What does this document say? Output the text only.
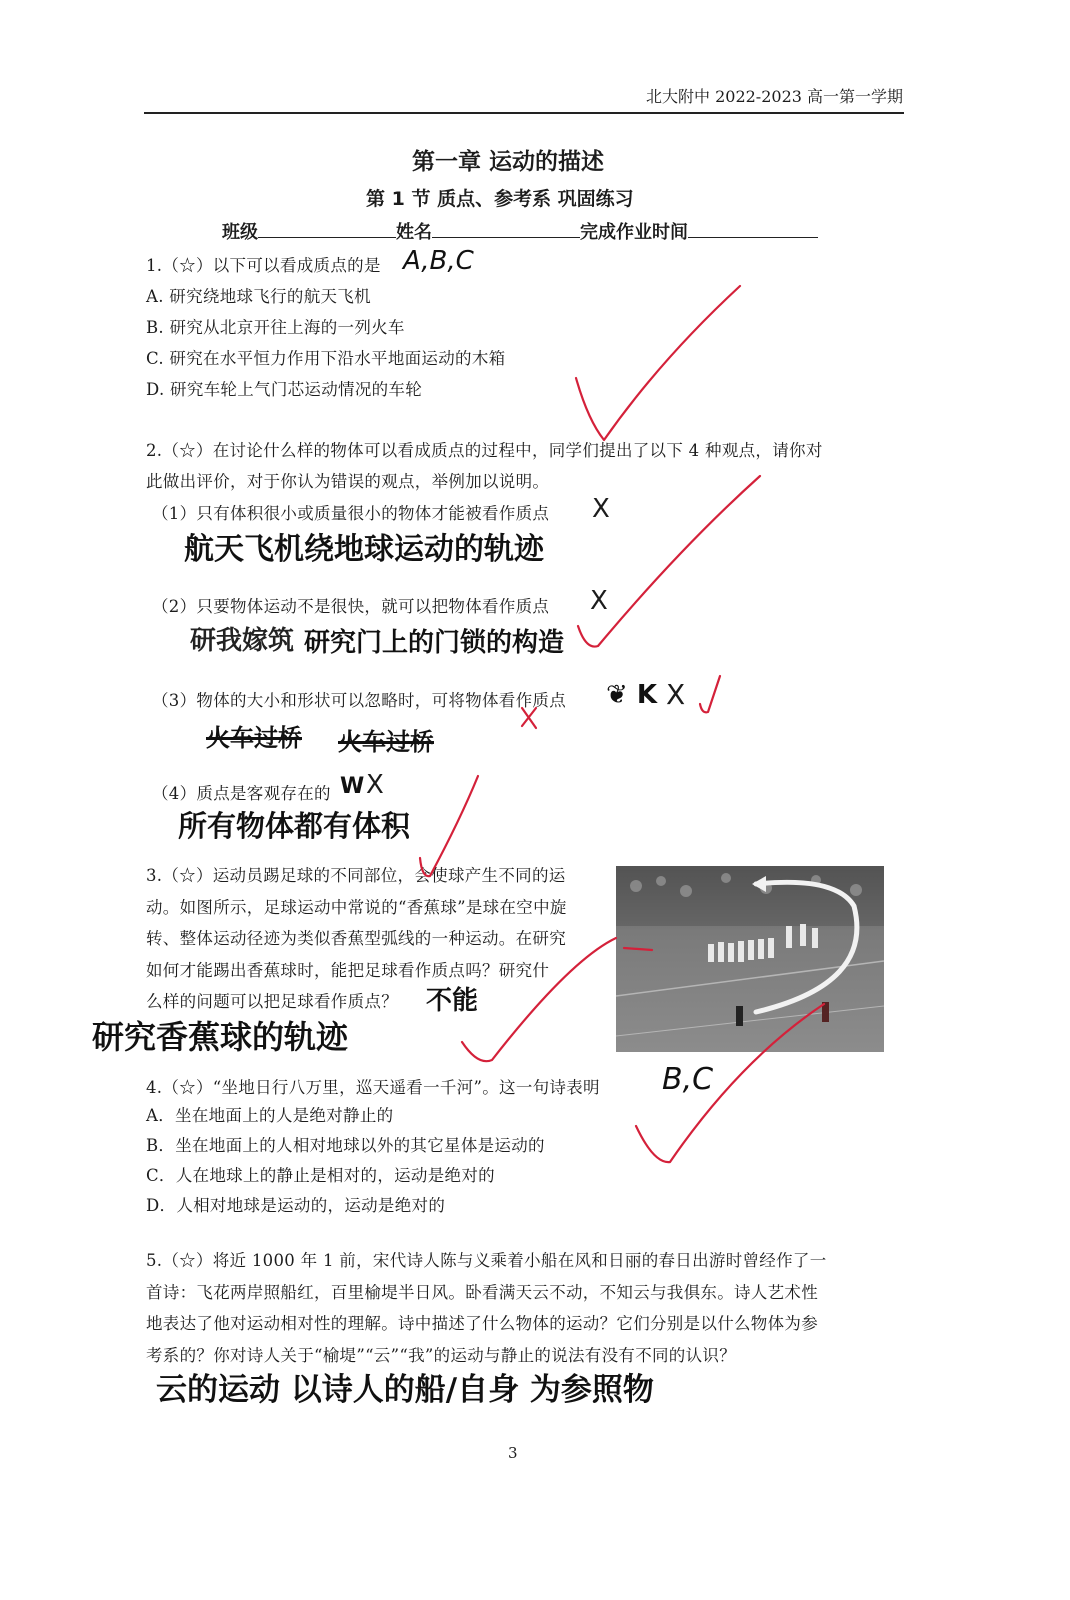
北大附中 2022-2023 高一第一学期
第一章 运动的描述
第 1 节 质点、参考系 巩固练习
班级	姓名	完成作业时间
1.（☆）以下可以看成质点的是
A. 研究绕地球飞行的航天飞机
B. 研究从北京开往上海的一列火车
C. 研究在水平恒力作用下沿水平地面运动的木箱
D. 研究车轮上气门芯运动情况的车轮
A,B,C
2.（☆）在讨论什么样的物体可以看成质点的过程中，同学们提出了以下 4 种观点，请你对
此做出评价，对于你认为错误的观点，举例加以说明。
（1）只有体积很小或质量很小的物体才能被看作质点 X
航天飞机绕地球运动的轨迹
（2）只要物体运动不是很快，就可以把物体看作质点 X
研究门上的门锁的构造
研我嫁筑
（3）物体的大小和形状可以忽略时，可将物体看作质点 ❦ K X
火车过桥 火车过桥
（4）质点是客观存在的 W X
所有物体都有体积
3.（☆）运动员踢足球的不同部位，会使球产生不同的运
动。如图所示，足球运动中常说的“香蕉球”是球在空中旋
转、整体运动径迹为类似香蕉型弧线的一种运动。在研究
如何才能踢出香蕉球时，能把足球看作质点吗？研究什
么样的问题可以把足球看作质点？	不能
研究香蕉球的轨迹
4.（☆）“坐地日行八万里，巡天遥看一千河”。这一句诗表明 B,C
A．坐在地面上的人是绝对静止的
B．坐在地面上的人相对地球以外的其它星体是运动的
C．人在地球上的静止是相对的，运动是绝对的
D．人相对地球是运动的，运动是绝对的
5.（☆）将近 1000 年 1 前，宋代诗人陈与义乘着小船在风和日丽的春日出游时曾经作了一
首诗：飞花两岸照船红，百里榆堤半日风。卧看满天云不动，不知云与我俱东。诗人艺术性
地表达了他对运动相对性的理解。诗中描述了什么物体的运动？它们分别是以什么物体为参
考系的？你对诗人关于“榆堤”“云”“我”的运动与静止的说法有没有不同的认识？
云的运动 以诗人的船/自身 为参照物
3
